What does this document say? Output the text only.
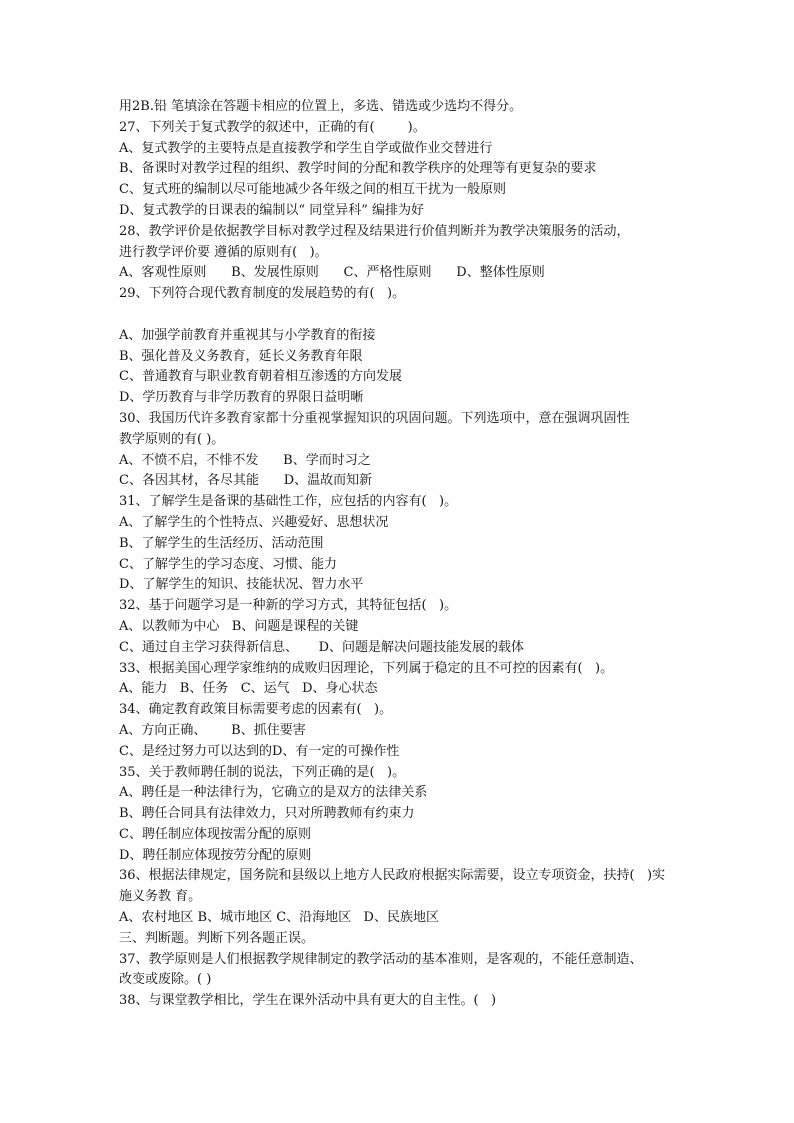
用2B.铅 笔填涂在答题卡相应的位置上，多选、错选或少选均不得分。
27、下列关于复式教学的叙述中，正确的有(        )。
A、复式教学的主要特点是直接教学和学生自学或做作业交替进行
B、备课时对教学过程的组织、教学时间的分配和教学秩序的处理等有更复杂的要求
C、复式班的编制以尽可能地减少各年级之间的相互干扰为一般原则
D、复式教学的日课表的编制以“ 同堂异科” 编排为好
28、教学评价是依据教学目标对教学过程及结果进行价值判断并为教学决策服务的活动，
进行教学评价要 遵循的原则有(   )。
A、客观性原则      B、发展性原则      C、严格性原则      D、整体性原则
29、下列符合现代教育制度的发展趋势的有(   )。
A、加强学前教育并重视其与小学教育的衔接
B、强化普及义务教育，延长义务教育年限
C、普通教育与职业教育朝着相互渗透的方向发展
D、学历教育与非学历教育的界限日益明晰
30、我国历代许多教育家都十分重视掌握知识的巩固问题。下列选项中，意在强调巩固性
教学原则的有( )。
A、不愤不启，不悱不发      B、学而时习之
C、各因其材，各尽其能      D、温故而知新
31、了解学生是备课的基础性工作，应包括的内容有(   )。
A、了解学生的个性特点、兴趣爱好、思想状况
B、了解学生的生活经历、活动范围
C、了解学生的学习态度、习惯、能力
D、了解学生的知识、技能状况、智力水平
32、基于问题学习是一种新的学习方式，其特征包括(   )。
A、以教师为中心   B、问题是课程的关键
C、通过自主学习获得新信息、     D、问题是解决问题技能发展的载体
33、根据美国心理学家维纳的成败归因理论，下列属于稳定的且不可控的因素有(   )。
A、能力   B、任务   C、运气   D、身心状态
34、确定教育政策目标需要考虑的因素有(   )。
A、方向正确、      B、抓住要害
C、是经过努力可以达到的D、有一定的可操作性
35、关于教师聘任制的说法，下列正确的是(   )。
A、聘任是一种法律行为，它确立的是双方的法律关系
B、聘任合同具有法律效力，只对所聘教师有约束力
C、聘任制应体现按需分配的原则
D、聘任制应体现按劳分配的原则
36、根据法律规定，国务院和县级以上地方人民政府根据实际需要，设立专项资金，扶持(   )实
施义务教 育。
A、农村地区 B、城市地区 C、沿海地区   D、民族地区
三、判断题。判断下列各题正误。
37、教学原则是人们根据教学规律制定的教学活动的基本准则，是客观的，不能任意制造、
改变或废除。( )
38、与课堂教学相比，学生在课外活动中具有更大的自主性。(   )
